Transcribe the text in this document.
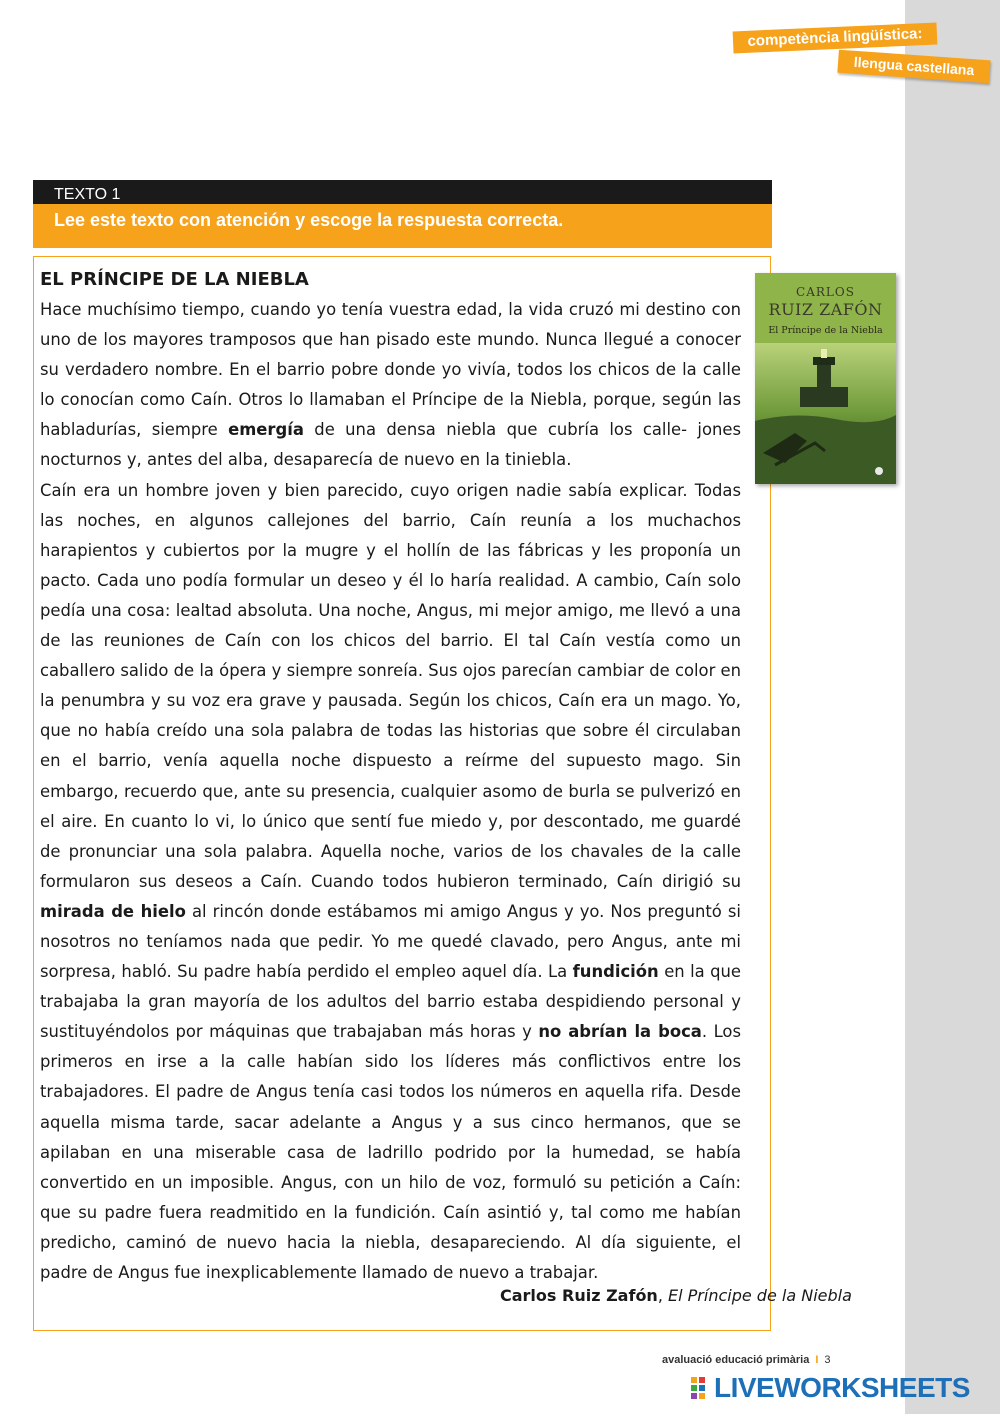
competència lingüística:
llengua castellana
TEXTO 1
Lee este texto con atención y escoge la respuesta correcta.
CARLOS
RUIZ ZAFÓN
El Príncipe de la Niebla
EL PRÍNCIPE DE LA NIEBLA

Hace muchísimo tiempo, cuando yo tenía vuestra edad, la vida cruzó mi destino con uno de los mayores tramposos que han pisado este mundo. Nunca llegué a conocer su verdadero nombre. En el barrio pobre donde yo vivía, todos los chicos de la calle lo conocían como Caín. Otros lo llamaban el Príncipe de la Niebla, porque, según las habladurías, siempre emergía de una densa niebla que cubría los calle- jones nocturnos y, antes del alba, desaparecía de nuevo en la tiniebla.

Caín era un hombre joven y bien parecido, cuyo origen nadie sabía explicar. Todas las noches, en algunos callejones del barrio, Caín reunía a los muchachos harapientos y cubiertos por la mugre y el hollín de las fábricas y les proponía un pacto. Cada uno podía formular un deseo y él lo haría realidad. A cambio, Caín solo pedía una cosa: lealtad absoluta. Una noche, Angus, mi mejor amigo, me llevó a una de las reuniones de Caín con los chicos del barrio. El tal Caín vestía como un caballero salido de la ópera y siempre sonreía. Sus ojos parecían cambiar de color en la penumbra y su voz era grave y pausada. Según los chicos, Caín era un mago. Yo, que no había creído una sola palabra de todas las historias que sobre él circulaban en el barrio, venía aquella noche dispuesto a reírme del supuesto mago. Sin embargo, recuerdo que, ante su presencia, cualquier asomo de burla se pulverizó en el aire. En cuanto lo vi, lo único que sentí fue miedo y, por descontado, me guardé de pronunciar una sola palabra. Aquella noche, varios de los chavales de la calle formularon sus deseos a Caín. Cuando todos hubieron terminado, Caín dirigió su mirada de hielo al rincón donde estábamos mi amigo Angus y yo. Nos preguntó si nosotros no teníamos nada que pedir. Yo me quedé clavado, pero Angus, ante mi sorpresa, habló. Su padre había perdido el empleo aquel día. La fundición en la que trabajaba la gran mayoría de los adultos del barrio estaba despidiendo personal y sustituyéndolos por máquinas que trabajaban más horas y no abrían la boca. Los primeros en irse a la calle habían sido los líderes más conflictivos entre los trabajadores. El padre de Angus tenía casi todos los números en aquella rifa. Desde aquella misma tarde, sacar adelante a Angus y a sus cinco hermanos, que se apilaban en una miserable casa de ladrillo podrido por la humedad, se había convertido en un imposible. Angus, con un hilo de voz, formuló su petición a Caín: que su padre fuera readmitido en la fundición. Caín asintió y, tal como me habían predicho, caminó de nuevo hacia la niebla, desapareciendo. Al día siguiente, el padre de Angus fue inexplicablemente llamado de nuevo a trabajar.

Carlos Ruiz Zafón, El Príncipe de la Niebla
avaluació educació primària I 3
LIVEWORKSHEETS
